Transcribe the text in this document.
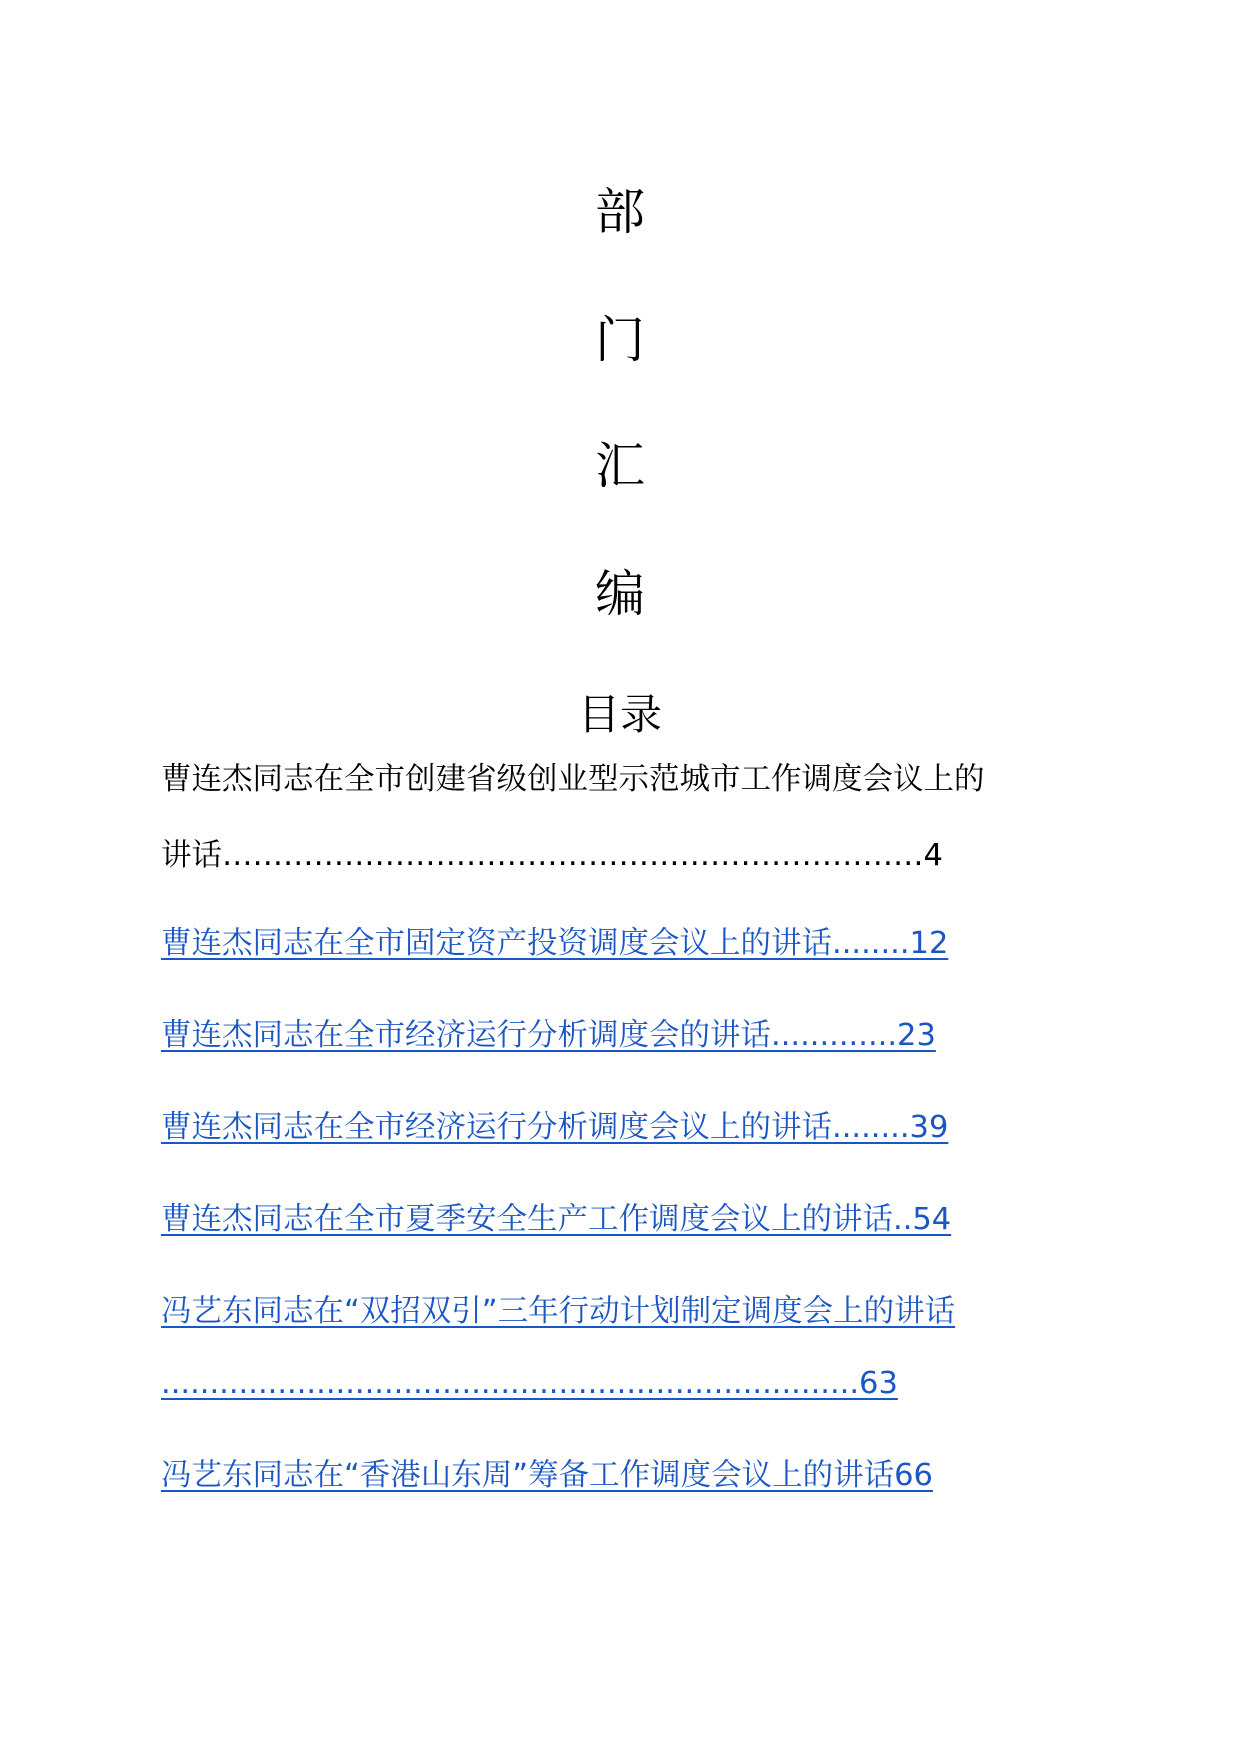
部
门
汇
编
目录
曹连杰同志在全市创建省级创业型示范城市工作调度会议上的
讲话……………………………………………………………4
曹连杰同志在全市固定资产投资调度会议上的讲话........12
曹连杰同志在全市经济运行分析调度会的讲话.............23
曹连杰同志在全市经济运行分析调度会议上的讲话........39
曹连杰同志在全市夏季安全生产工作调度会议上的讲话..54
冯艺东同志在“双招双引”三年行动计划制定调度会上的讲话
........................................................................63
冯艺东同志在“香港山东周”筹备工作调度会议上的讲话66
